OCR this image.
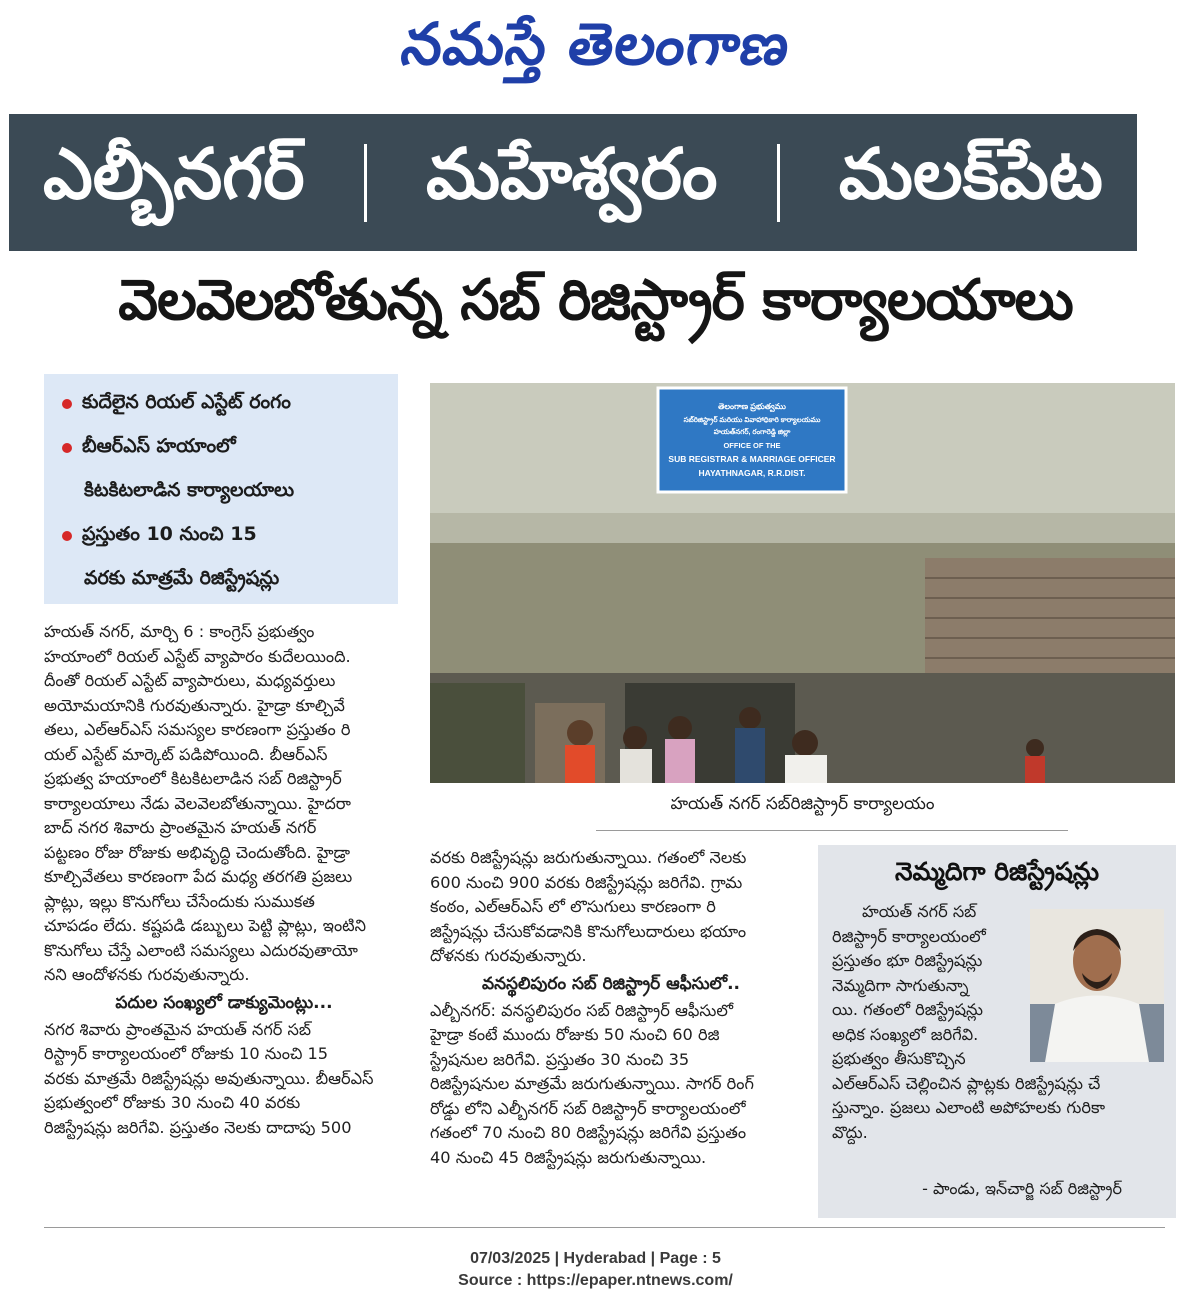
నమస్తే తెలంగాణ
ఎల్బీనగర్ మహేశ్వరం మలక్‌పేట
వెలవెలబోతున్న సబ్ రిజిస్ట్రార్ కార్యాలయాలు
కుదేలైన రియల్ ఎస్టేట్ రంగం
బీఆర్ఎస్ హయాంలో
కిటకిటలాడిన కార్యాలయాలు
ప్రస్తుతం 10 నుంచి 15
వరకు మాత్రమే రిజిస్ట్రేషన్లు
తెలంగాణ ప్రభుత్వము
సబ్‌రిజిస్ట్రార్ మరియు వివాహాధికారి కార్యాలయము
హయత్‌నగర్, రంగారెడ్డి జిల్లా
OFFICE OF THE
SUB REGISTRAR & MARRIAGE OFFICER
HAYATHNAGAR, R.R.DIST.
హయత్ నగర్ సబ్‌రిజిస్ట్రార్ కార్యాలయం

హయత్ నగర్, మార్చి 6 : కాంగ్రెస్ ప్రభుత్వం

హయాంలో రియల్ ఎస్టేట్ వ్యాపారం కుదేలయింది.

దీంతో రియల్ ఎస్టేట్ వ్యాపారులు, మధ్యవర్తులు

అయోమయానికి గురవుతున్నారు. హైడ్రా కూల్చివే

తలు, ఎల్ఆర్ఎస్ సమస్యల కారణంగా ప్రస్తుతం రి

యల్ ఎస్టేట్ మార్కెట్ పడిపోయింది. బీఆర్ఎస్

ప్రభుత్వ హయాంలో కిటకిటలాడిన సబ్ రిజిస్ట్రార్

కార్యాలయాలు నేడు వెలవెలబోతున్నాయి. హైదరా

బాద్ నగర శివారు ప్రాంతమైన హయత్ నగర్

పట్టణం రోజు రోజుకు అభివృద్ధి చెందుతోంది. హైడ్రా

కూల్చివేతలు కారణంగా పేద మధ్య తరగతి ప్రజలు

ప్లాట్లు, ఇల్లు కొనుగోలు చేసేందుకు సుముకత

చూపడం లేదు. కష్టపడి డబ్బులు పెట్టి ప్లాట్లు, ఇంటిని

కొనుగోలు చేస్తే ఎలాంటి సమస్యలు ఎదురవుతాయో

నని ఆందోళనకు గురవుతున్నారు.

పదుల సంఖ్యలో డాక్యుమెంట్లు...

నగర శివారు ప్రాంతమైన హయత్ నగర్ సబ్

రిస్ట్రార్ కార్యాలయంలో రోజుకు 10 నుంచి 15

వరకు మాత్రమే రిజిస్ట్రేషన్లు అవుతున్నాయి. బీఆర్ఎస్

ప్రభుత్వంలో రోజుకు 30 నుంచి 40 వరకు

రిజిస్ట్రేషన్లు జరిగేవి. ప్రస్తుతం నెలకు దాదాపు 500

వరకు రిజిస్ట్రేషన్లు జరుగుతున్నాయి. గతంలో నెలకు

600 నుంచి 900 వరకు రిజిస్ట్రేషన్లు జరిగేవి. గ్రామ

కంఠం, ఎల్ఆర్ఎస్ లో లొసుగులు కారణంగా రి

జిస్ట్రేషన్లు చేసుకోవడానికి కొనుగోలుదారులు భయాం

దోళనకు గురవుతున్నారు.

వనస్థలిపురం సబ్ రిజిస్ట్రార్ ఆఫీసులో..

ఎల్బీనగర్: వనస్థలిపురం సబ్ రిజిస్ట్రార్ ఆఫీసులో

హైడ్రా కంటే ముందు రోజుకు 50 నుంచి 60 రిజి

స్ట్రేషనుల జరిగేవి. ప్రస్తుతం 30 నుంచి 35

రిజిస్ట్రేషనుల మాత్రమే జరుగుతున్నాయి. సాగర్ రింగ్

రోడ్డు లోని ఎల్బీనగర్ సబ్ రిజిస్ట్రార్ కార్యాలయంలో

గతంలో 70 నుంచి 80 రిజిస్ట్రేషన్లు జరిగేవి ప్రస్తుతం

40 నుంచి 45 రిజిస్ట్రేషన్లు జరుగుతున్నాయి.

నెమ్మదిగా రిజిస్ట్రేషన్లు

హయత్ నగర్ సబ్

రిజిస్ట్రార్ కార్యాలయంలో

ప్రస్తుతం భూ రిజిస్ట్రేషన్లు

నెమ్మదిగా సాగుతున్నా

యి. గతంలో రిజిస్ట్రేషన్లు

అధిక సంఖ్యలో జరిగేవి.

ప్రభుత్వం తీసుకొచ్చిన

ఎల్ఆర్ఎస్ చెల్లించిన ప్లాట్లకు రిజిస్ట్రేషన్లు చే

స్తున్నాం. ప్రజలు ఎలాంటి అపోహలకు గురికా

వొద్దు.

- పాండు, ఇన్‌చార్జి సబ్ రిజిస్ట్రార్
07/03/2025 | Hyderabad | Page : 5
Source : https://epaper.ntnews.com/
